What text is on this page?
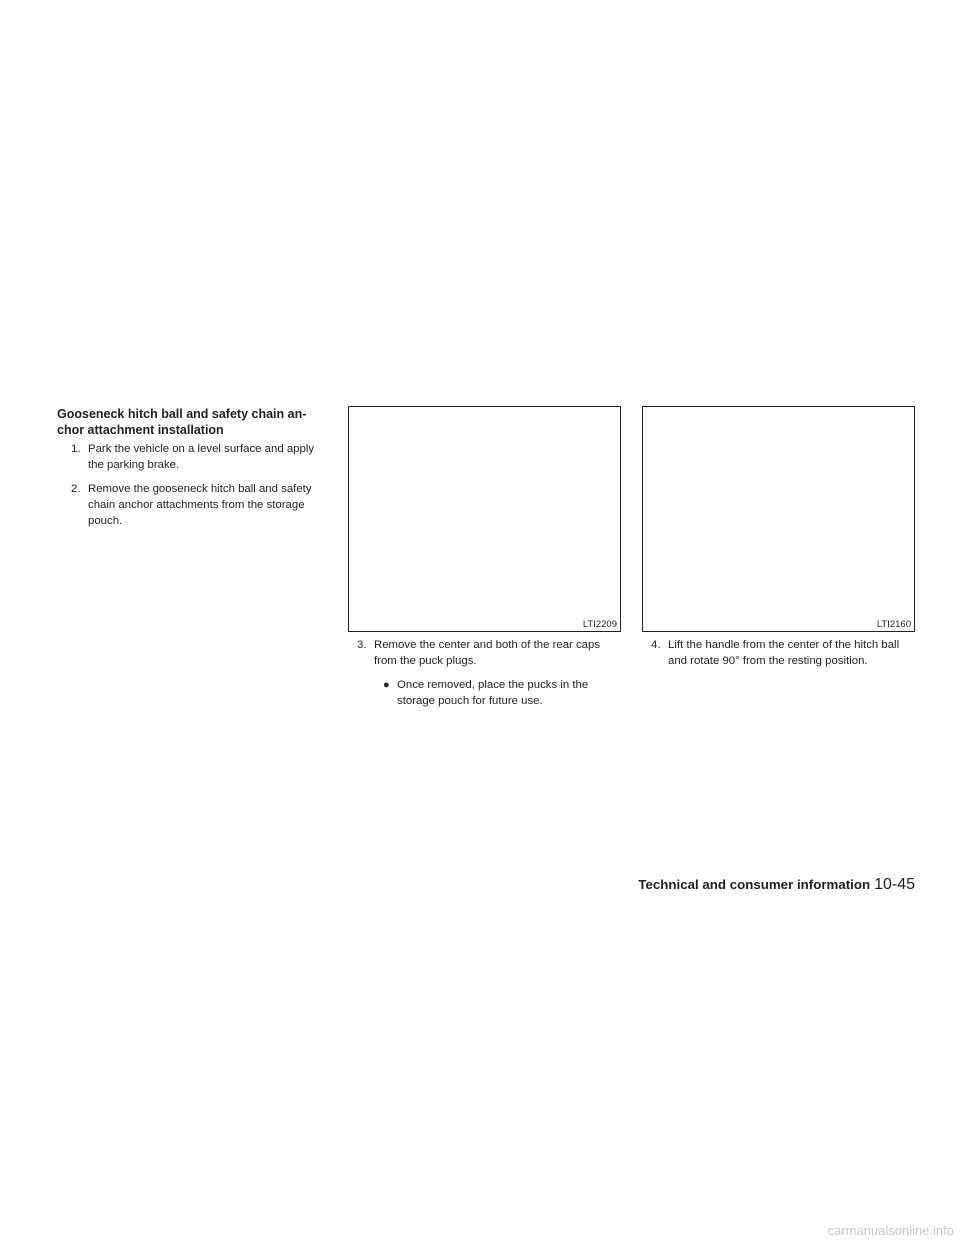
Gooseneck hitch ball and safety chain an-chor attachment installation

1. Park the vehicle on a level surface and apply the parking brake.

2. Remove the gooseneck hitch ball and safety chain anchor attachments from the storage pouch.

LTI2209	LTI2160

3. Remove the center and both of the rear caps from the puck plugs.

● Once removed, place the pucks in the storage pouch for future use.

4. Lift the handle from the center of the hitch ball and rotate 90° from the resting position.

Technical and consumer information 10-45
carmanualsonline.info
